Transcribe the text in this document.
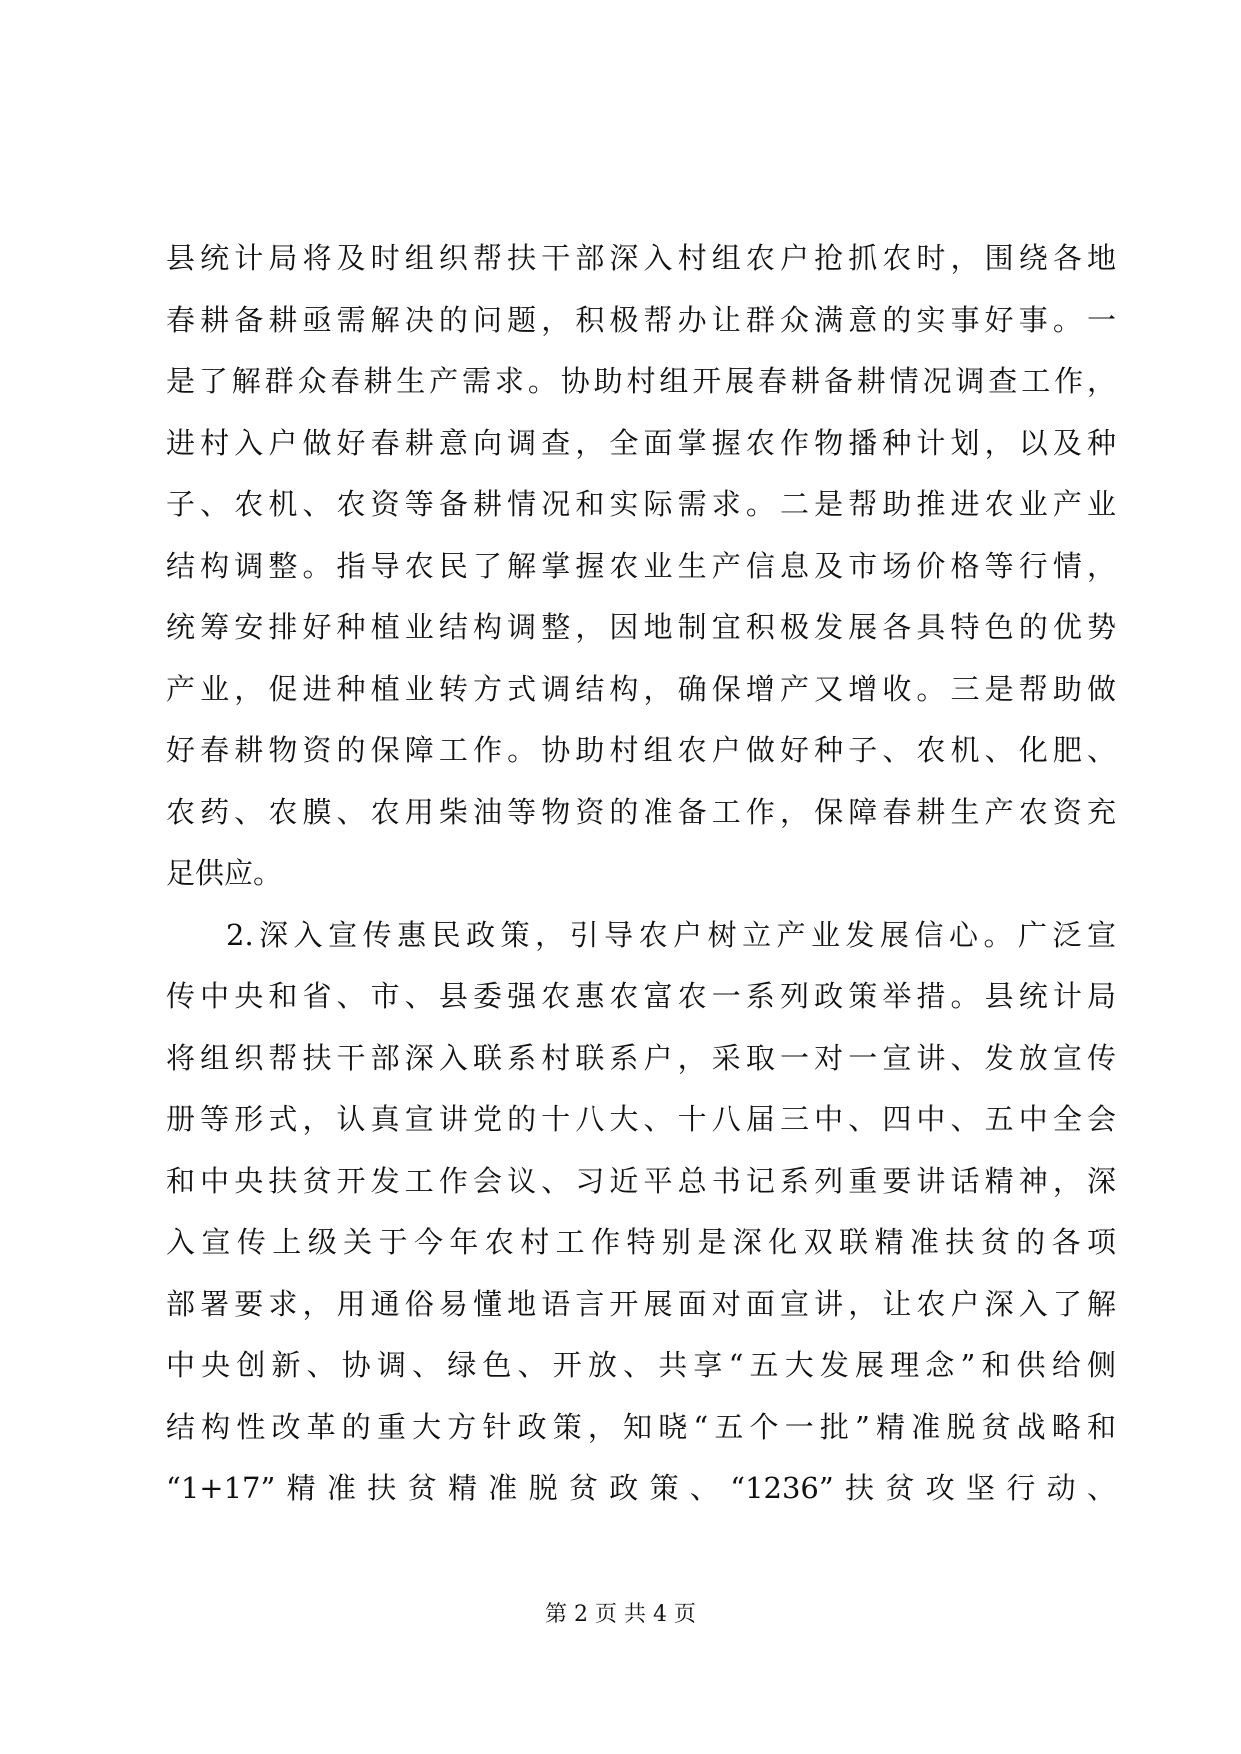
县统计局将及时组织帮扶干部深入村组农户抢抓农时，围绕各地
春耕备耕亟需解决的问题，积极帮办让群众满意的实事好事。一
是了解群众春耕生产需求。协助村组开展春耕备耕情况调查工作，
进村入户做好春耕意向调查，全面掌握农作物播种计划，以及种
子、农机、农资等备耕情况和实际需求。二是帮助推进农业产业
结构调整。指导农民了解掌握农业生产信息及市场价格等行情，
统筹安排好种植业结构调整，因地制宜积极发展各具特色的优势
产业，促进种植业转方式调结构，确保增产又增收。三是帮助做
好春耕物资的保障工作。协助村组农户做好种子、农机、化肥、
农药、农膜、农用柴油等物资的准备工作，保障春耕生产农资充
足供应。
2.深入宣传惠民政策，引导农户树立产业发展信心。广泛宣
传中央和省、市、县委强农惠农富农一系列政策举措。县统计局
将组织帮扶干部深入联系村联系户，采取一对一宣讲、发放宣传
册等形式，认真宣讲党的十八大、十八届三中、四中、五中全会
和中央扶贫开发工作会议、习近平总书记系列重要讲话精神，深
入宣传上级关于今年农村工作特别是深化双联精准扶贫的各项
部署要求，用通俗易懂地语言开展面对面宣讲，让农户深入了解
中央创新、协调、绿色、开放、共享“五大发展理念”和供给侧
结构性改革的重大方针政策，知晓“五个一批”精准脱贫战略和
“1+17”精准扶贫精准脱贫政策、“1236”扶贫攻坚行动、
第 2 页 共 4 页
